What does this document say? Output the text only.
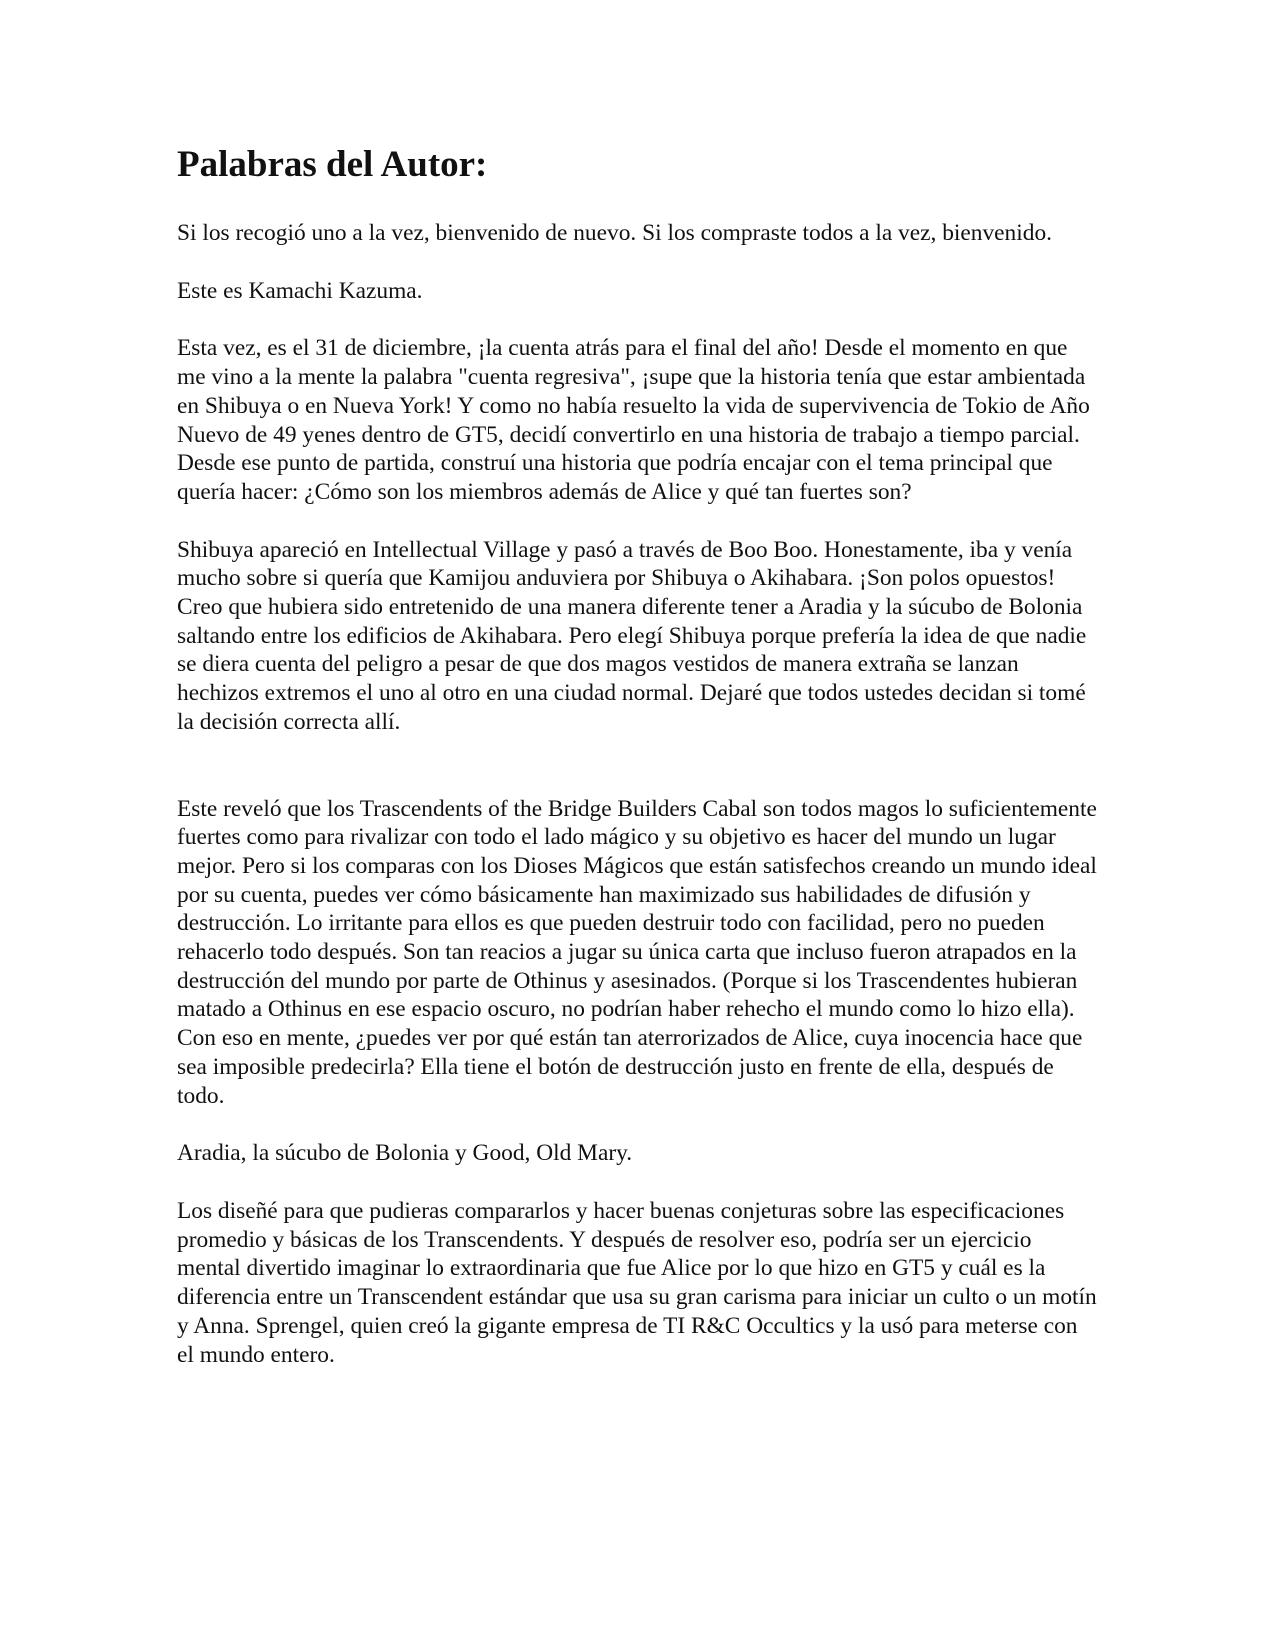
Palabras del Autor:

Si los recogió uno a la vez, bienvenido de nuevo. Si los compraste todos a la vez, bienvenido.

Este es Kamachi Kazuma.

Esta vez, es el 31 de diciembre, ¡la cuenta atrás para el final del año! Desde el momento en que me vino a la mente la palabra "cuenta regresiva", ¡supe que la historia tenía que estar ambientada en Shibuya o en Nueva York! Y como no había resuelto la vida de supervivencia de Tokio de Año Nuevo de 49 yenes dentro de GT5, decidí convertirlo en una historia de trabajo a tiempo parcial. Desde ese punto de partida, construí una historia que podría encajar con el tema principal que quería hacer: ¿Cómo son los miembros además de Alice y qué tan fuertes son?

Shibuya apareció en Intellectual Village y pasó a través de Boo Boo. Honestamente, iba y venía mucho sobre si quería que Kamijou anduviera por Shibuya o Akihabara. ¡Son polos opuestos! Creo que hubiera sido entretenido de una manera diferente tener a Aradia y la súcubo de Bolonia saltando entre los edificios de Akihabara. Pero elegí Shibuya porque prefería la idea de que nadie se diera cuenta del peligro a pesar de que dos magos vestidos de manera extraña se lanzan hechizos extremos el uno al otro en una ciudad normal. Dejaré que todos ustedes decidan si tomé la decisión correcta allí.

Este reveló que los Trascendents of the Bridge Builders Cabal son todos magos lo suficientemente fuertes como para rivalizar con todo el lado mágico y su objetivo es hacer del mundo un lugar mejor. Pero si los comparas con los Dioses Mágicos que están satisfechos creando un mundo ideal por su cuenta, puedes ver cómo básicamente han maximizado sus habilidades de difusión y destrucción. Lo irritante para ellos es que pueden destruir todo con facilidad, pero no pueden rehacerlo todo después. Son tan reacios a jugar su única carta que incluso fueron atrapados en la destrucción del mundo por parte de Othinus y asesinados. (Porque si los Trascendentes hubieran matado a Othinus en ese espacio oscuro, no podrían haber rehecho el mundo como lo hizo ella). Con eso en mente, ¿puedes ver por qué están tan aterrorizados de Alice, cuya inocencia hace que sea imposible predecirla? Ella tiene el botón de destrucción justo en frente de ella, después de todo.

Aradia, la súcubo de Bolonia y Good, Old Mary.

Los diseñé para que pudieras compararlos y hacer buenas conjeturas sobre las especificaciones promedio y básicas de los Transcendents. Y después de resolver eso, podría ser un ejercicio mental divertido imaginar lo extraordinaria que fue Alice por lo que hizo en GT5 y cuál es la diferencia entre un Transcendent estándar que usa su gran carisma para iniciar un culto o un motín y Anna. Sprengel, quien creó la gigante empresa de TI R&C Occultics y la usó para meterse con el mundo entero.
